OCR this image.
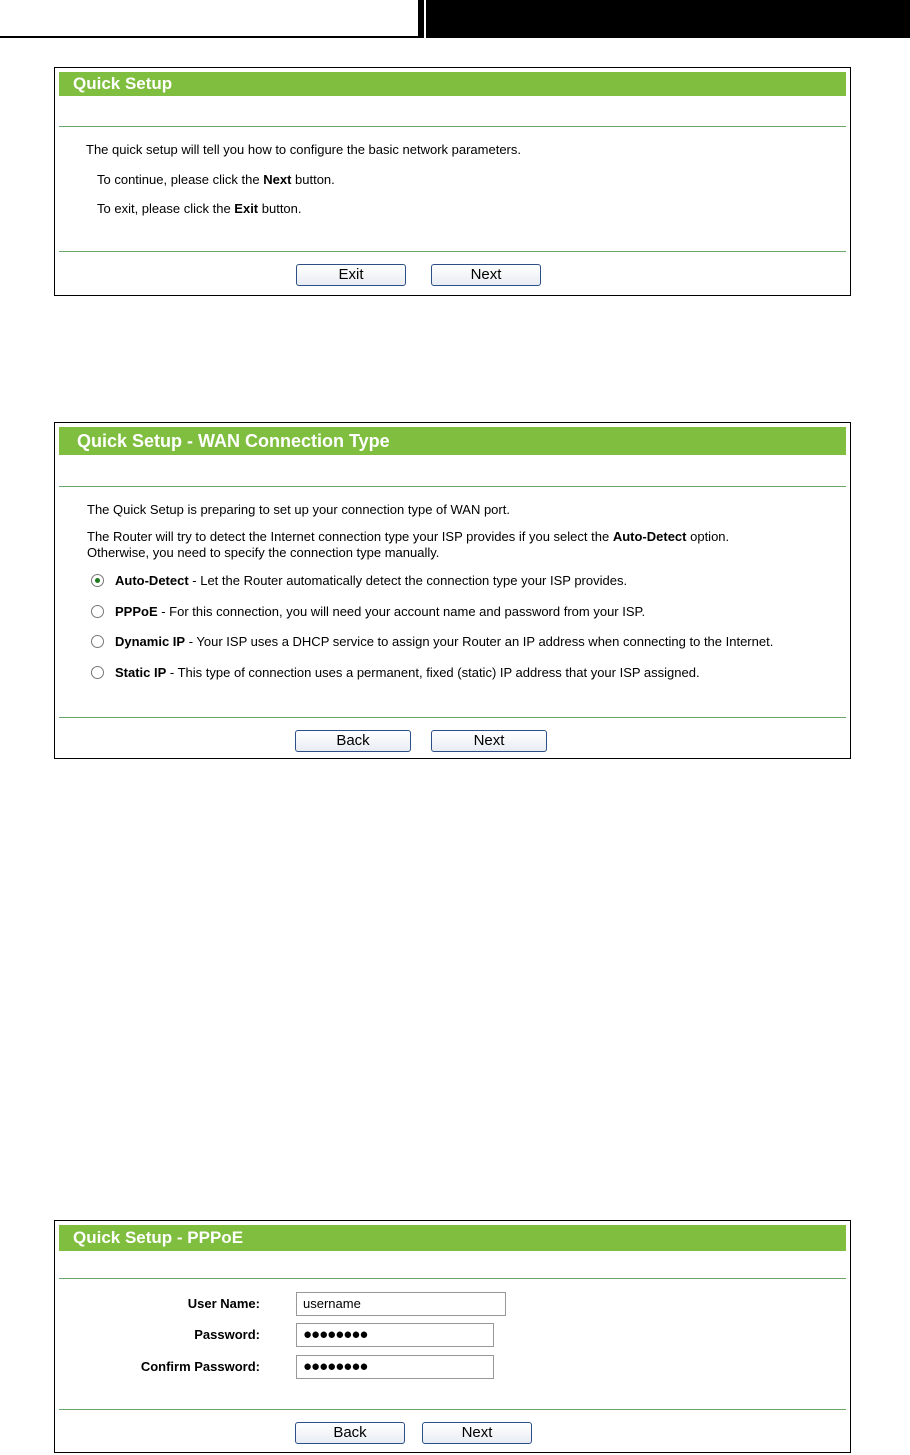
Quick Setup
The quick setup will tell you how to configure the basic network parameters.
To continue, please click the Next button.
To exit, please click the Exit button.
Exit	Next
Quick Setup - WAN Connection Type
The Quick Setup is preparing to set up your connection type of WAN port.
The Router will try to detect the Internet connection type your ISP provides if you select the Auto-Detect option.
Otherwise, you need to specify the connection type manually.
Auto-Detect - Let the Router automatically detect the connection type your ISP provides.
PPPoE - For this connection, you will need your account name and password from your ISP.
Dynamic IP - Your ISP uses a DHCP service to assign your Router an IP address when connecting to the Internet.
Static IP - This type of connection uses a permanent, fixed (static) IP address that your ISP assigned.
Back	Next
Quick Setup - PPPoE
User Name:	username
Password:	●●●●●●●●
Confirm Password:	●●●●●●●●
Back	Next
